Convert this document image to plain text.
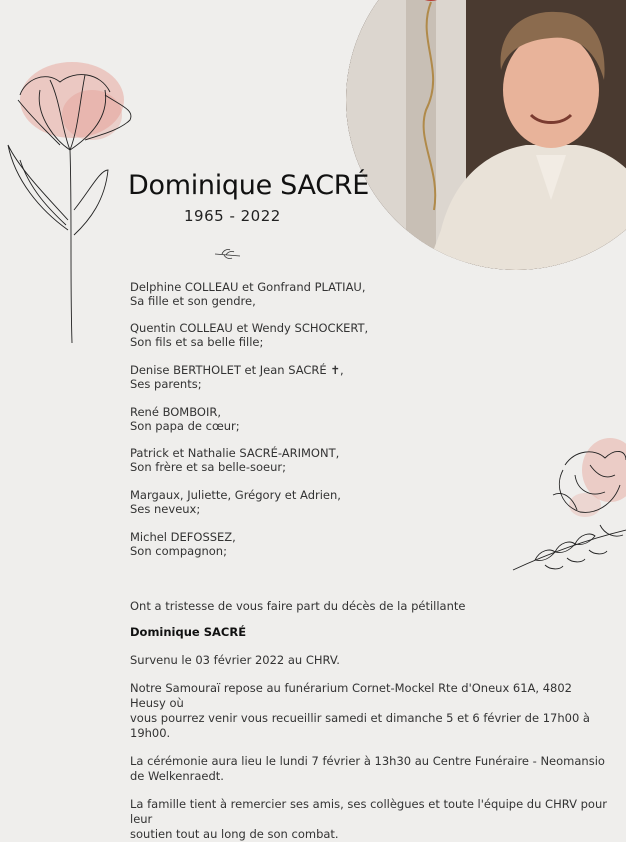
Dominique SACRÉ
1965 - 2022
Delphine COLLEAU et Gonfrand PLATIAU,
Sa fille et son gendre,
Quentin COLLEAU et Wendy SCHOCKERT,
Son fils et sa belle fille;
Denise BERTHOLET et Jean SACRÉ ✝,
Ses parents;
René BOMBOIR,
Son papa de cœur;
Patrick et Nathalie SACRÉ-ARIMONT,
Son frère et sa belle-soeur;
Margaux, Juliette, Grégory et Adrien,
Ses neveux;
Michel DEFOSSEZ,
Son compagnon;

Ont a tristesse de vous faire part du décès de la pétillante

Dominique SACRÉ

Survenu le 03 février 2022 au CHRV.

Notre Samouraï repose au funérarium Cornet-Mockel Rte d'Oneux 61A, 4802 Heusy où

vous pourrez venir vous recueillir samedi et dimanche 5 et 6 février de 17h00 à 19h00.

La cérémonie aura lieu le lundi 7 février à 13h30 au Centre Funéraire - Neomansio de Welkenraedt.

La famille tient à remercier ses amis, ses collègues et toute l'équipe du CHRV pour leur

soutien tout au long de son combat.
